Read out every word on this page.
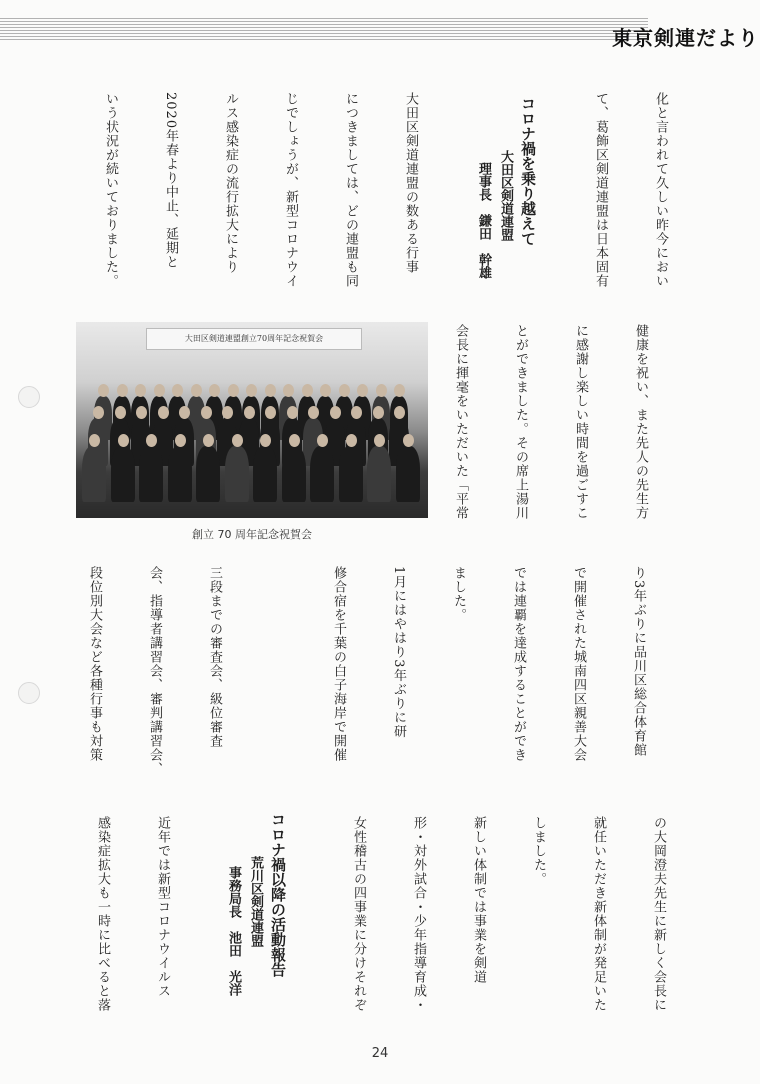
東京剣連だより

化と言われて久しい昨今におい

て、葛飾区剣道連盟は日本固有

コロナ禍を乗り越えて
大田区剣道連盟
理事長　鎌田　幹雄

大田区剣道連盟の数ある行事

につきましては、どの連盟も同

じでしょうが、新型コロナウイ

ルス感染症の流行拡大により

2020年春より中止、延期と

いう状況が続いておりました。

健康を祝い、また先人の先生方

に感謝し楽しい時間を過ごすこ

とができました。その席上湯川

会長に揮毫をいただいた「平常

大田区剣道連盟創立70周年記念祝賀会
創立 70 周年記念祝賀会

り3年ぶりに品川区総合体育館

で開催された城南四区親善大会

では連覇を達成することができ

ました。

1月にはやはり3年ぶりに研

修合宿を千葉の白子海岸で開催

三段までの審査会、級位審査

会、指導者講習会、審判講習会、

段位別大会など各種行事も対策

の大岡澄夫先生に新しく会長に

就任いただき新体制が発足いた

しました。

新しい体制では事業を剣道

形・対外試合・少年指導育成・

女性稽古の四事業に分けそれぞ

コロナ禍以降の活動報告
荒川区剣道連盟
事務局長　池田　光洋

近年では新型コロナウイルス

感染症拡大も一時に比べると落

24
